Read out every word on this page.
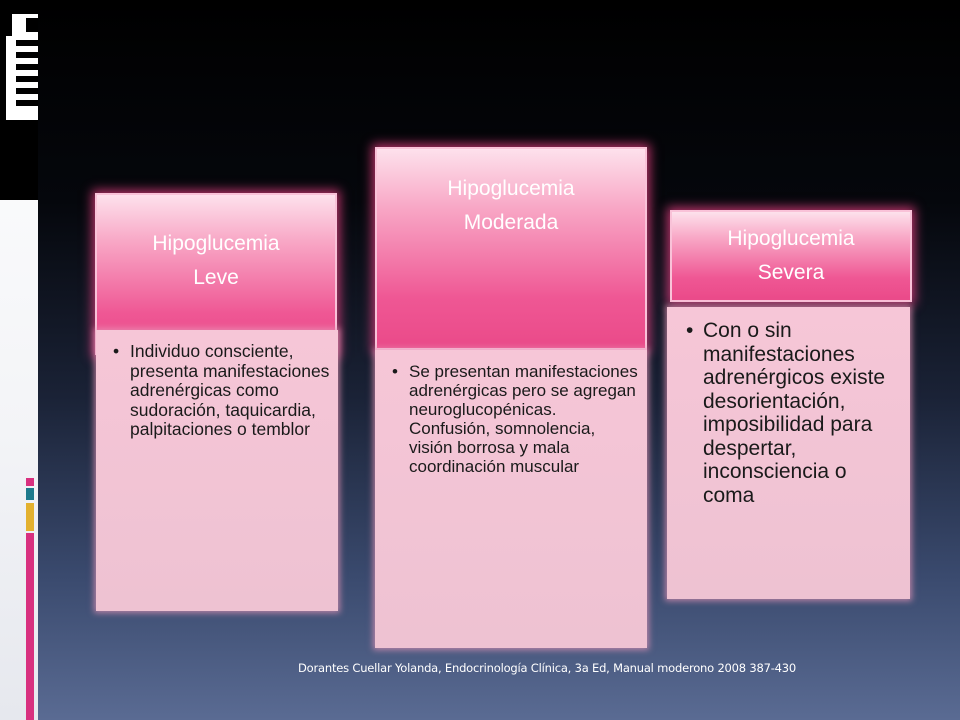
Hipoglucemia
Leve
• Individuo consciente, presenta manifestaciones adrenérgicas como sudoración, taquicardia, palpitaciones o temblor
Hipoglucemia
Moderada
• Se presentan manifestaciones adrenérgicas pero se agregan neuroglucopénicas. Confusión, somnolencia, visión borrosa y mala coordinación muscular
Hipoglucemia
Severa
• Con o sin manifestaciones adrenérgicos existe desorientación, imposibilidad para despertar, inconsciencia o coma
Dorantes Cuellar Yolanda, Endocrinología Clínica, 3a Ed, Manual moderono 2008 387-430
